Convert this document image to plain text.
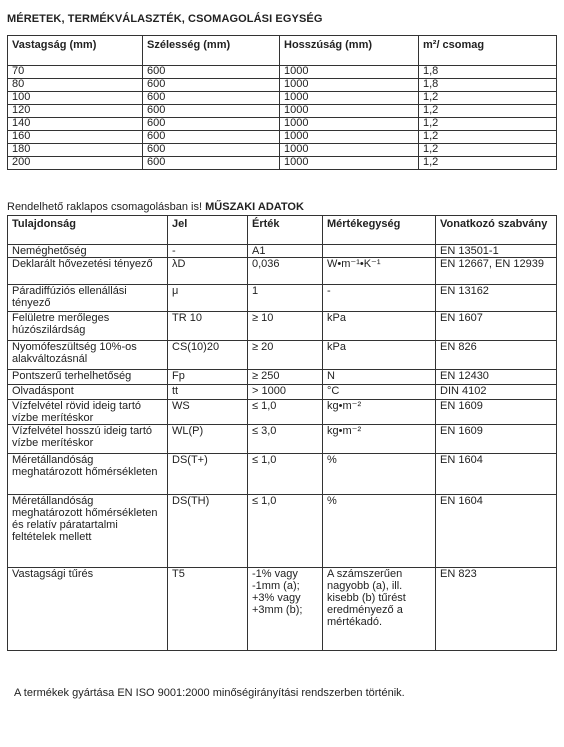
MÉRETEK, TERMÉKVÁLASZTÉK, CSOMAGOLÁSI EGYSÉG
Vastagság (mm)	Szélesség (mm)	Hosszúság (mm)	m²/ csomag
70	600	1000	1,8
80	600	1000	1,8
100	600	1000	1,2
120	600	1000	1,2
140	600	1000	1,2
160	600	1000	1,2
180	600	1000	1,2
200	600	1000	1,2
Rendelhető raklapos csomagolásban is! MŰSZAKI ADATOK
Tulajdonság	Jel	Érték	Mértékegység	Vonatkozó szabvány
Neméghetőség	-	A1		EN 13501-1
Deklarált hővezetési tényező	λD	0,036	W•m⁻¹•K⁻¹	EN 12667, EN 12939
Páradiffúziós ellenállási tényező	μ	1	-	EN 13162
Felületre merőleges húzószilárdság	TR 10	≥ 10	kPa	EN 1607
Nyomófeszültség 10%-os alakváltozásnál	CS(10)20	≥ 20	kPa	EN 826
Pontszerű terhelhetőség	Fp	≥ 250	N	EN 12430
Olvadáspont	tt	> 1000	°C	DIN 4102
Vízfelvétel rövid ideig tartó vízbe merítéskor	WS	≤ 1,0	kg•m⁻²	EN 1609
Vízfelvétel hosszú ideig tartó vízbe merítéskor	WL(P)	≤ 3,0	kg•m⁻²	EN 1609
Méretállandóság meghatározott hőmérsékleten	DS(T+)	≤ 1,0	%	EN 1604
Méretállandóság meghatározott hőmérsékleten és relatív páratartalmi feltételek mellett	DS(TH)	≤ 1,0	%	EN 1604
Vastagsági tűrés	T5	-1% vagy -1mm (a); +3% vagy +3mm (b);	A számszerűen nagyobb (a), ill. kisebb (b) tűrést eredményező a mértékadó.	EN 823
A termékek gyártása EN ISO 9001:2000 minőségirányítási rendszerben történik.
